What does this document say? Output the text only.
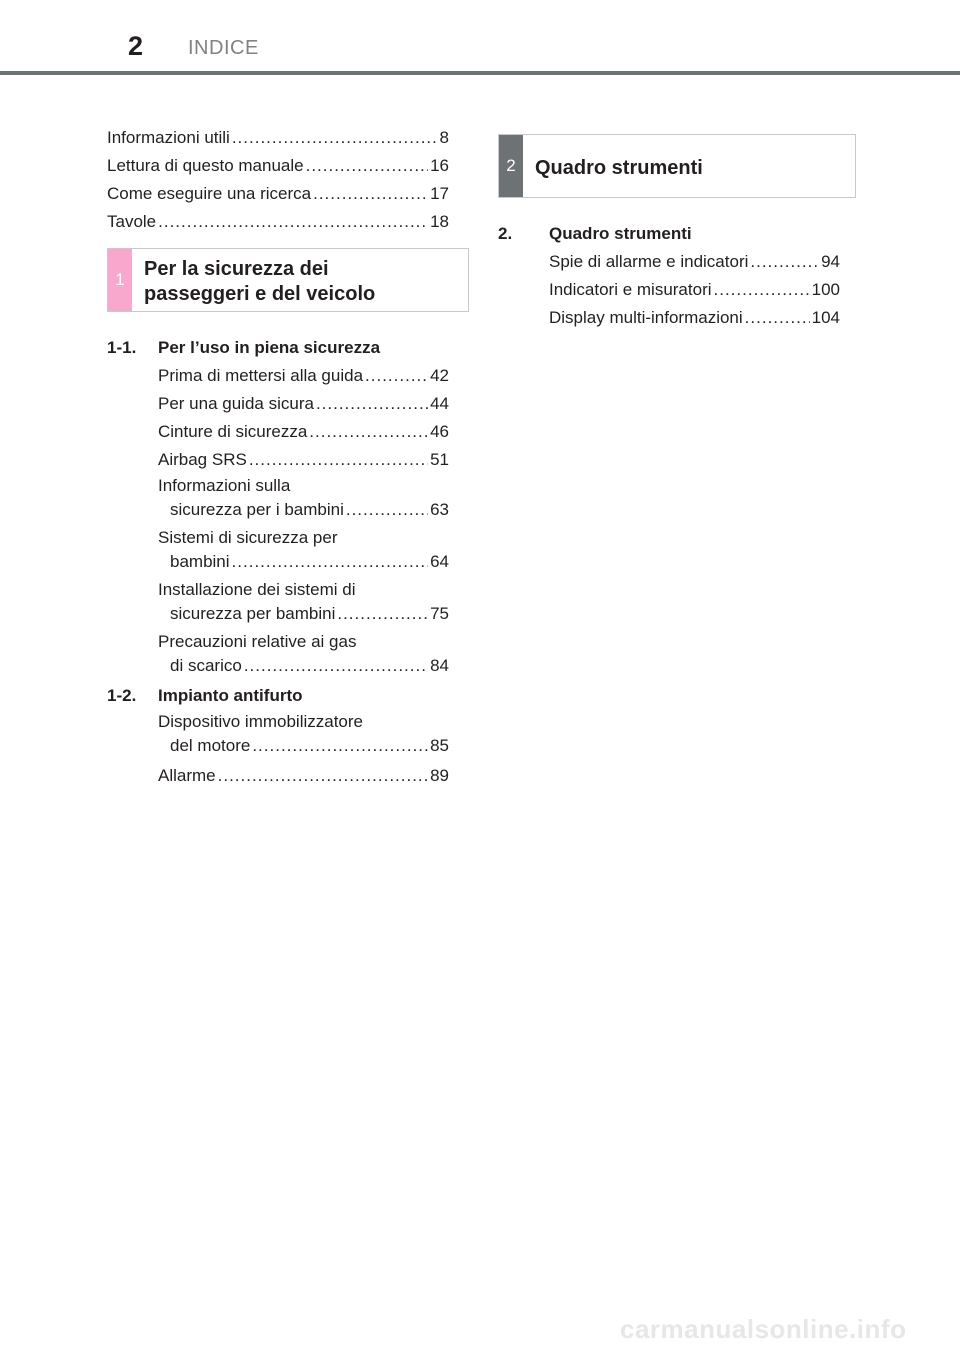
2 INDICE
Informazioni utili .....	8
Lettura di questo manuale .....	16
Come eseguire una ricerca .....	17
Tavole .....	18
1 Per la sicurezza dei
passeggeri e del veicolo
1-1.	Per l’uso in piena sicurezza
Prima di mettersi alla guida .....	42
Per una guida sicura .....	44
Cinture di sicurezza .....	46
Airbag SRS .....	51
Informazioni sulla
sicurezza per i bambini .....	63
Sistemi di sicurezza per
bambini .....	64
Installazione dei sistemi di
sicurezza per bambini .....	75
Precauzioni relative ai gas
di scarico .....	84
1-2.	Impianto antifurto
Dispositivo immobilizzatore
del motore .....	85
Allarme .....	89
2 Quadro strumenti
2.	Quadro strumenti
Spie di allarme e indicatori .....	94
Indicatori e misuratori .....	100
Display multi-informazioni .....	104
carmanualsonline.info
